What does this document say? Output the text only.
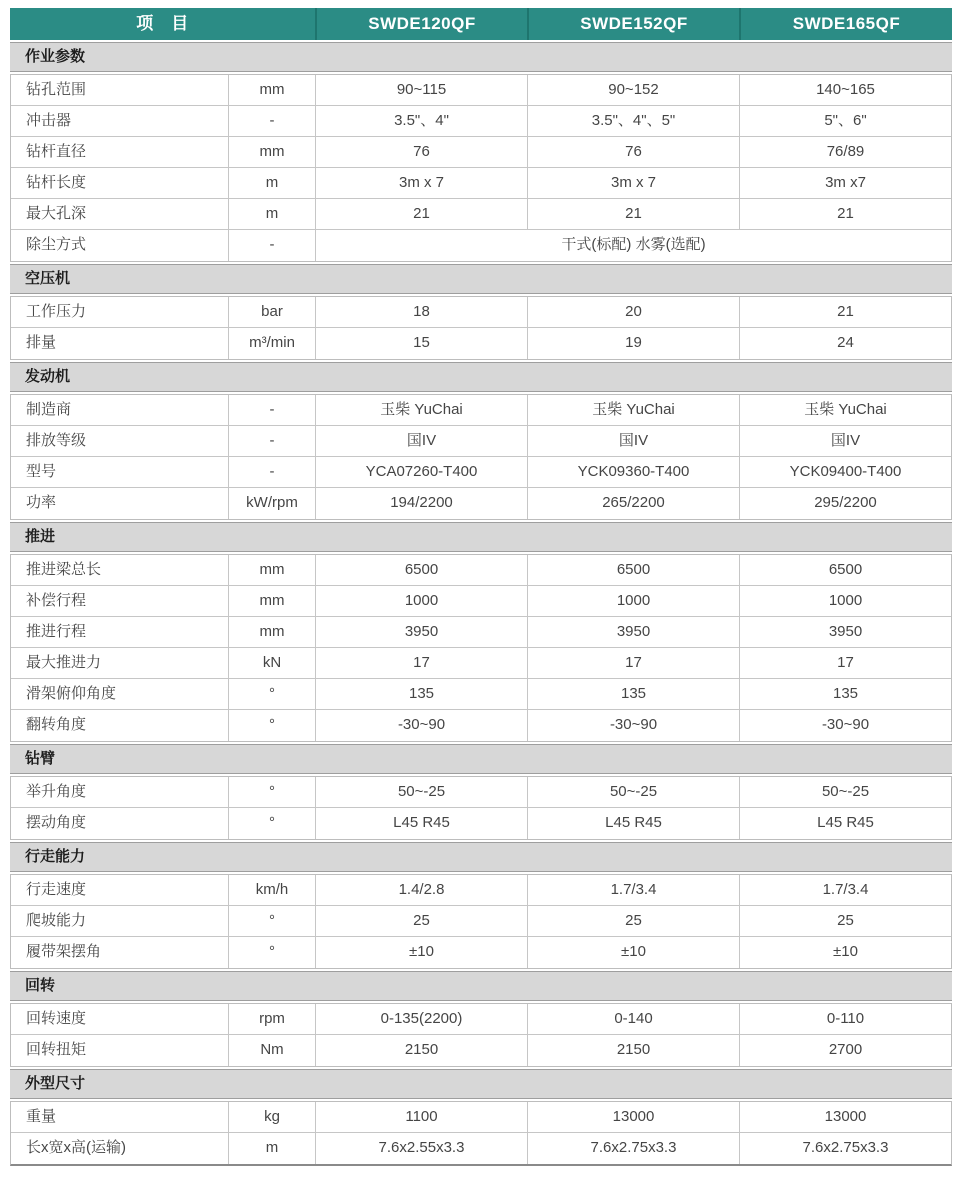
项　目	SWDE120QF	SWDE152QF	SWDE165QF
作业参数
钻孔范围	mm	90~115	90~152	140~165
冲击器	-	3.5"、4"	3.5"、4"、5"	5"、6"
钻杆直径	mm	76	76	76/89
钻杆长度	m	3m x 7	3m x 7	3m x7
最大孔深	m	21	21	21
除尘方式	-	干式(标配) 水雾(选配)
空压机
工作压力	bar	18	20	21
排量	m³/min	15	19	24
发动机
制造商	-	玉柴 YuChai	玉柴 YuChai	玉柴 YuChai
排放等级	-	国IV	国IV	国IV
型号	-	YCA07260-T400	YCK09360-T400	YCK09400-T400
功率	kW/rpm	194/2200	265/2200	295/2200
推进
推进梁总长	mm	6500	6500	6500
补偿行程	mm	1000	1000	1000
推进行程	mm	3950	3950	3950
最大推进力	kN	17	17	17
滑架俯仰角度	°	135	135	135
翻转角度	°	-30~90	-30~90	-30~90
钻臂
举升角度	°	50~-25	50~-25	50~-25
摆动角度	°	L45 R45	L45 R45	L45 R45
行走能力
行走速度	km/h	1.4/2.8	1.7/3.4	1.7/3.4
爬坡能力	°	25	25	25
履带架摆角	°	±10	±10	±10
回转
回转速度	rpm	0-135(2200)	0-140	0-110
回转扭矩	Nm	2150	2150	2700
外型尺寸
重量	kg	1100	13000	13000
长x宽x高(运输)	m	7.6x2.55x3.3	7.6x2.75x3.3	7.6x2.75x3.3
